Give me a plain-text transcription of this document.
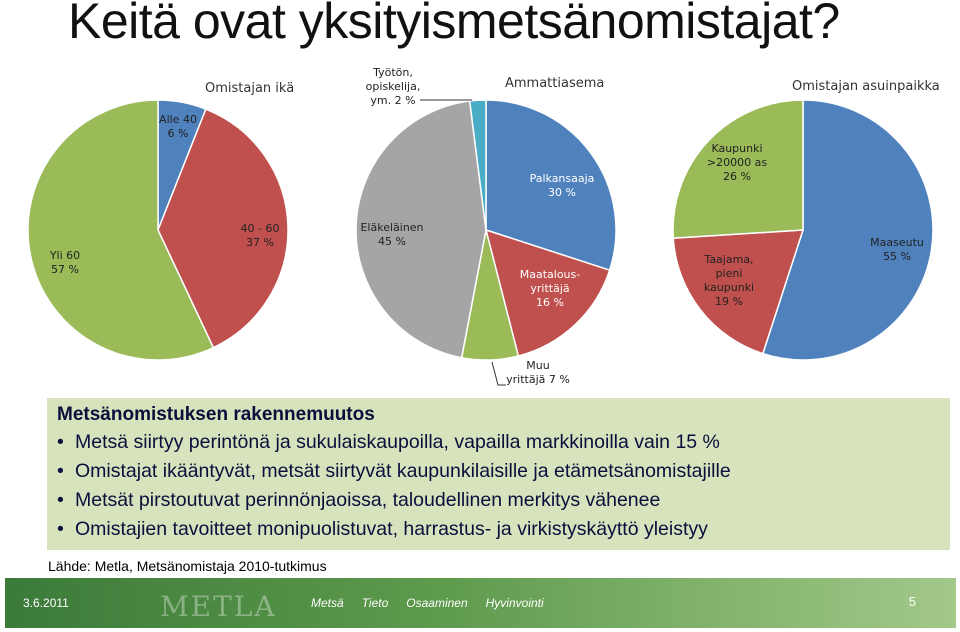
Keitä ovat yksityismetsänomistajat?
Omistajan ikä
Alle 40 6 %
40 - 60 37 %
Yli 60 57 %
Ammattiasema
Palkansaaja 30 %
Maatalous-yrittäjä 16 %
Muu yrittäjä 7 %
Eläkeläinen 45 %
Työtön, opiskelija, ym. 2 %
Omistajan asuinpaikka
Maaseutu 55 %
Taajama, pieni kaupunki 19 %
Kaupunki >20000 as 26 %
Metsänomistuksen rakennemuutos
• Metsä siirtyy perintönä ja sukulaiskaupoilla, vapailla markkinoilla vain 15 %
• Omistajat ikääntyvät, metsät siirtyvät kaupunkilaisille ja etämetsänomistajille
• Metsät pirstoutuvat perinnönjaoissa, taloudellinen merkitys vähenee
• Omistajien tavoitteet monipuolistuvat, harrastus- ja virkistyskäyttö yleistyy
Lähde: Metla, Metsänomistaja 2010-tutkimus
3.6.2011	METLA	Metsä Tieto Osaaminen Hyvinvointi	5
